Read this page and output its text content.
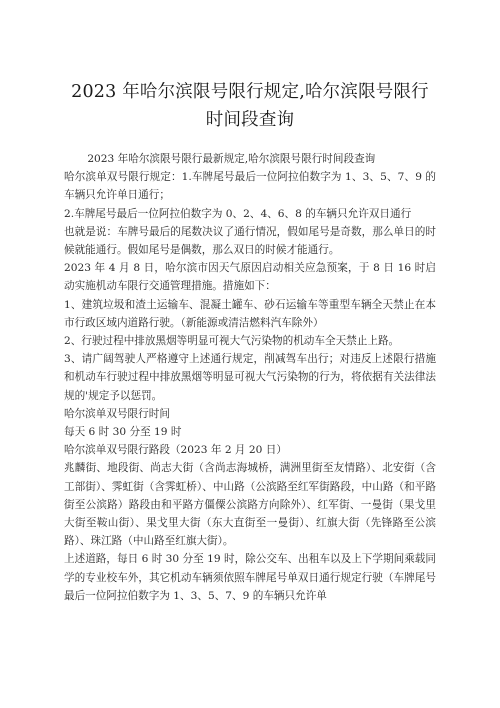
2023 年哈尔滨限号限行规定,哈尔滨限号限行时间段查询

2023 年哈尔滨限号限行最新规定,哈尔滨限号限行时间段查询

哈尔滨单双号限行规定：1.车牌尾号最后一位阿拉伯数字为 1、3、5、7、9 的车辆只允许单日通行；

2.车牌尾号最后一位阿拉伯数字为 0、2、4、6、8 的车辆只允许双日通行

也就是说：车牌号最后的尾数决议了通行情况，假如尾号是奇数，那么单日的时候就能通行。假如尾号是偶数，那么双日的时候才能通行。

2023 年 4 月 8 日，哈尔滨市因天气原因启动相关应急预案，于 8 日 16 时启动实施机动车限行交通管理措施。措施如下：

1、建筑垃圾和渣土运输车、混凝土罐车、砂石运输车等重型车辆全天禁止在本市行政区域内道路行驶。（新能源或清洁燃料汽车除外）

2、行驶过程中排放黑烟等明显可视大气污染物的机动车全天禁止上路。

3、请广阔驾驶人严格遵守上述通行规定，削减驾车出行；对违反上述限行措施和机动车行驶过程中排放黑烟等明显可视大气污染物的行为，将依据有关法律法规的'规定予以惩罚。

哈尔滨单双号限行时间

每天 6 时 30 分至 19 时

哈尔滨单双号限行路段（2023 年 2 月 20 日）

兆麟街、地段街、尚志大街（含尚志海城桥，满洲里街至友情路）、北安街（含工部街）、霁虹街（含霁虹桥）、中山路（公滨路至红军街路段，中山路（和平路街至公滨路）路段由和平路方僵僳公滨路方向除外）、红军街、一曼街（果戈里大街至鞍山街）、果戈里大街（东大直街至一曼街）、红旗大街（先锋路至公滨路）、珠江路（中山路至红旗大街）。

上述道路，每日 6 时 30 分至 19 时，除公交车、出租车以及上下学期间乘载同学的专业校车外，其它机动车辆须依照车牌尾号单双日通行规定行驶（车牌尾号最后一位阿拉伯数字为 1、3、5、7、9 的车辆只允许单
